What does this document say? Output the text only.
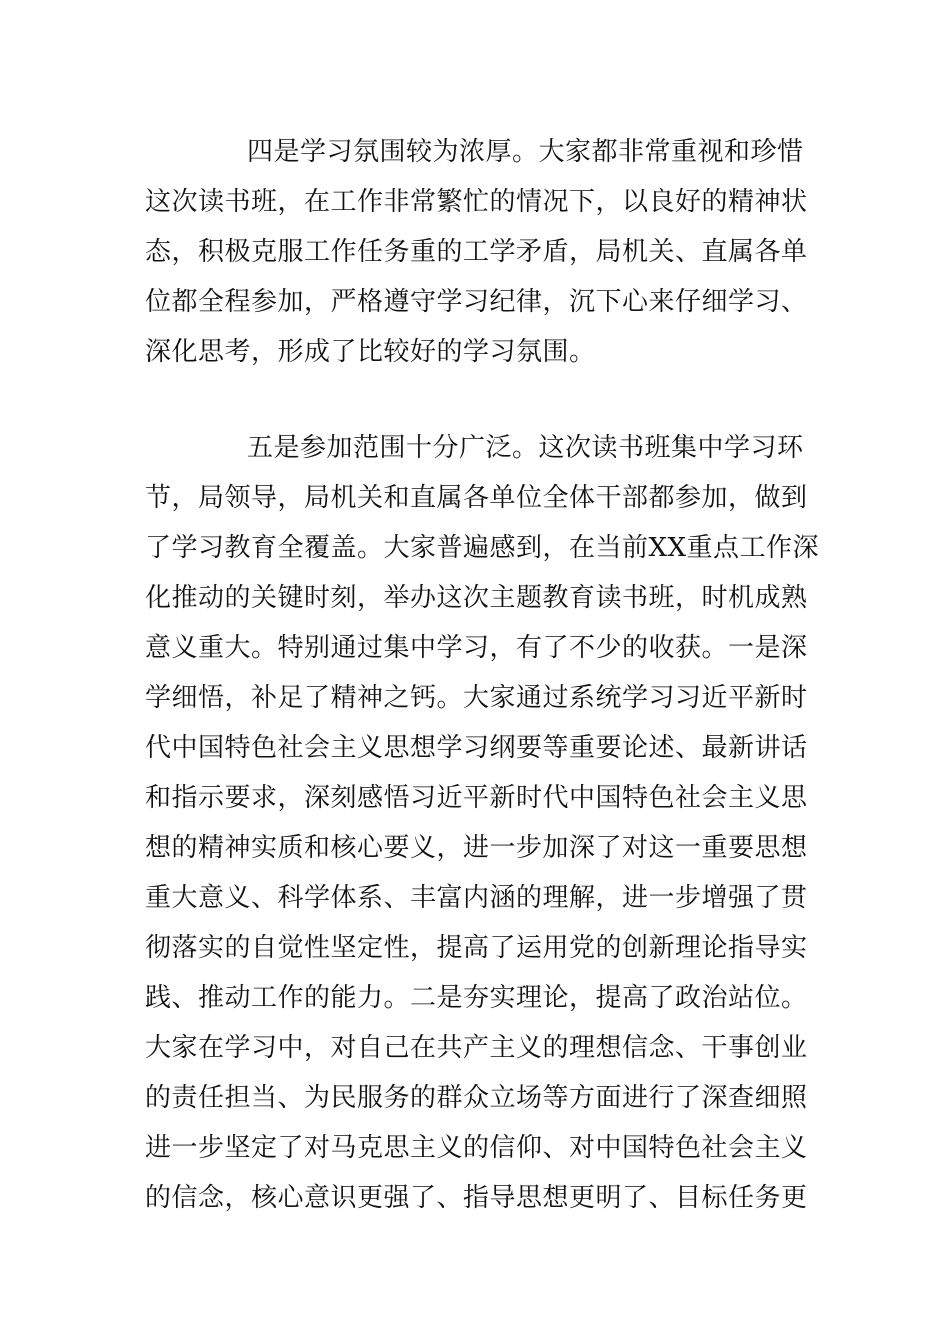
四是学习氛围较为浓厚。大家都非常重视和珍惜
这次读书班，在工作非常繁忙的情况下，以良好的精神状
态，积极克服工作任务重的工学矛盾，局机关、直属各单
位都全程参加，严格遵守学习纪律，沉下心来仔细学习、
深化思考，形成了比较好的学习氛围。
五是参加范围十分广泛。这次读书班集中学习环
节，局领导，局机关和直属各单位全体干部都参加，做到
了学习教育全覆盖。大家普遍感到，在当前XX重点工作深
化推动的关键时刻，举办这次主题教育读书班，时机成熟
意义重大。特别通过集中学习，有了不少的收获。一是深
学细悟，补足了精神之钙。大家通过系统学习习近平新时
代中国特色社会主义思想学习纲要等重要论述、最新讲话
和指示要求，深刻感悟习近平新时代中国特色社会主义思
想的精神实质和核心要义，进一步加深了对这一重要思想
重大意义、科学体系、丰富内涵的理解，进一步增强了贯
彻落实的自觉性坚定性，提高了运用党的创新理论指导实
践、推动工作的能力。二是夯实理论，提高了政治站位。
大家在学习中，对自己在共产主义的理想信念、干事创业
的责任担当、为民服务的群众立场等方面进行了深查细照
进一步坚定了对马克思主义的信仰、对中国特色社会主义
的信念，核心意识更强了、指导思想更明了、目标任务更
